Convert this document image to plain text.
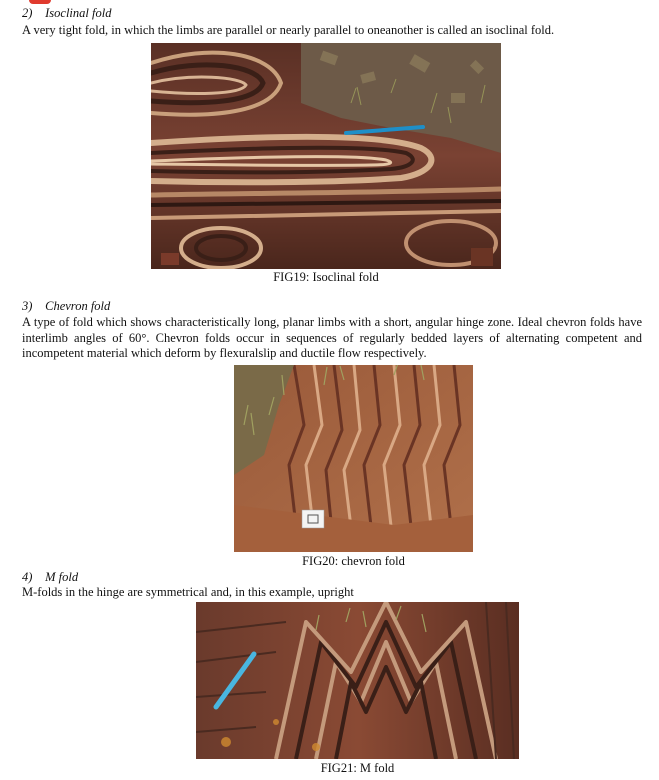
2) Isoclinal fold
A very tight fold, in which the limbs are parallel or nearly parallel to oneanother is called an isoclinal fold.
FIG19: Isoclinal fold
3) Chevron fold
A type of fold which shows characteristically long, planar limbs with a short, angular hinge zone. Ideal chevron folds have interlimb angles of 60°. Chevron folds occur in sequences of regularly bedded layers of alternating competent and incompetent material which deform by flexuralslip and ductile flow respectively.
FIG20: chevron fold
4) M fold
M-folds in the hinge are symmetrical and, in this example, upright
FIG21: M fold
